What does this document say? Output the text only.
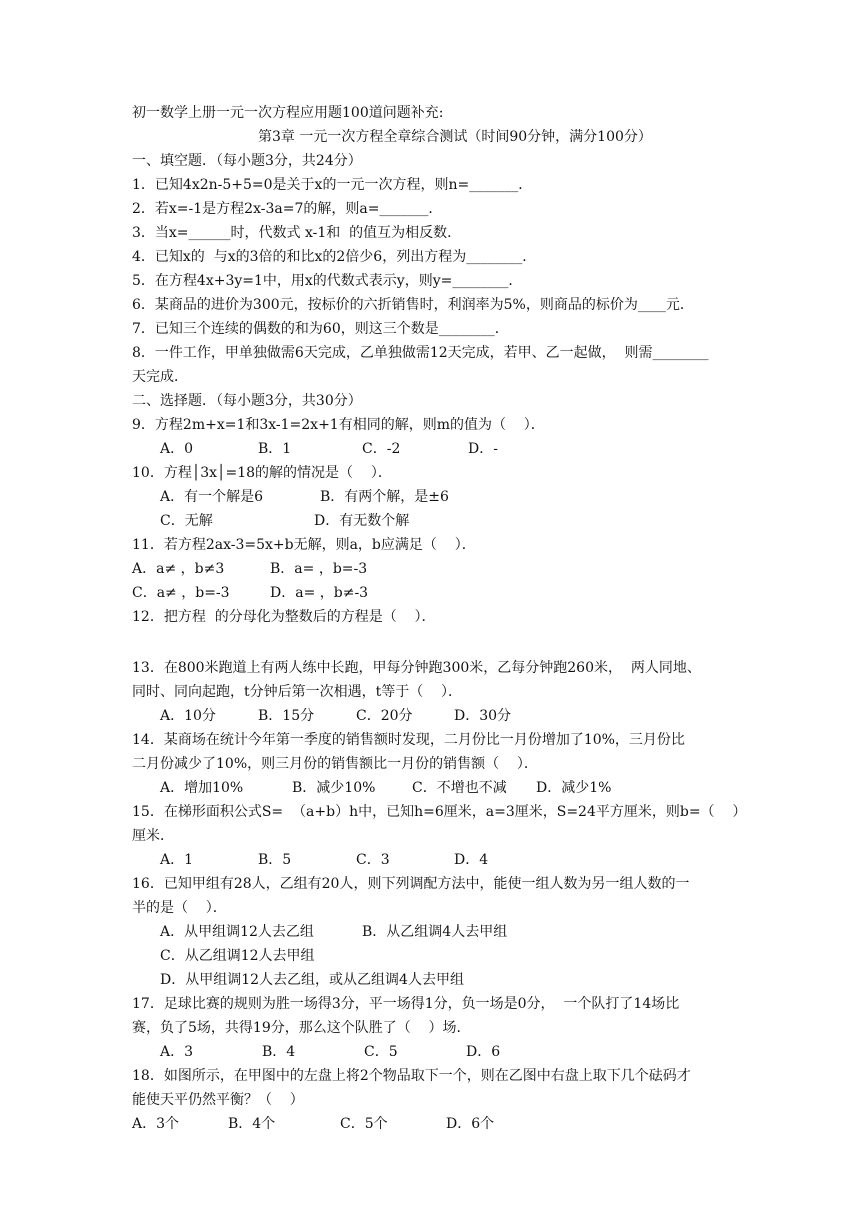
初一数学上册一元一次方程应用题100道问题补充:
第3章 一元一次方程全章综合测试（时间90分钟，满分100分）
一、填空题．（每小题3分，共24分）
1．已知4x2n-5+5=0是关于x的一元一次方程，则n=_______．
2．若x=-1是方程2x-3a=7的解，则a=_______．
3．当x=______时，代数式 x-1和  的值互为相反数．
4．已知x的  与x的3倍的和比x的2倍少6，列出方程为________．
5．在方程4x+3y=1中，用x的代数式表示y，则y=________．
6．某商品的进价为300元，按标价的六折销售时，利润率为5%，则商品的标价为____元．
7．已知三个连续的偶数的和为60，则这三个数是________．
8．一件工作，甲单独做需6天完成，乙单独做需12天完成，若甲、乙一起做，  则需________
天完成．
二、选择题．（每小题3分，共30分）
9．方程2m+x=1和3x-1=2x+1有相同的解，则m的值为（    ）．
A．0	B．1	C．-2	D．-
10．方程│3x│=18的解的情况是（    ）．
A．有一个解是6	B．有两个解，是±6
C．无解	D．有无数个解
11．若方程2ax-3=5x+b无解，则a，b应满足（    ）．
A．a≠ ，b≠3	B．a= ，b=-3
C．a≠ ，b=-3	D．a= ，b≠-3
12．把方程  的分母化为整数后的方程是（    ）．
13．在800米跑道上有两人练中长跑，甲每分钟跑300米，乙每分钟跑260米，  两人同地、
同时、同向起跑，t分钟后第一次相遇，t等于（    ）．
A．10分	B．15分	C．20分	D．30分
14．某商场在统计今年第一季度的销售额时发现，二月份比一月份增加了10%，三月份比
二月份减少了10%，则三月份的销售额比一月份的销售额（    ）．
A．增加10%	B．减少10%	C．不增也不减 D．减少1%
15．在梯形面积公式S=  （a+b）h中，已知h=6厘米，a=3厘米，S=24平方厘米，则b=（    ）
厘米．
A．1	B．5	C．3	D．4
16．已知甲组有28人，乙组有20人，则下列调配方法中，能使一组人数为另一组人数的一
半的是（    ）．
A．从甲组调12人去乙组	B．从乙组调4人去甲组
C．从乙组调12人去甲组
D．从甲组调12人去乙组，或从乙组调4人去甲组
17．足球比赛的规则为胜一场得3分，平一场得1分，负一场是0分，  一个队打了14场比
赛，负了5场，共得19分，那么这个队胜了（    ）场．
A．3	B．4	C．5	D．6
18．如图所示，在甲图中的左盘上将2个物品取下一个，则在乙图中右盘上取下几个砝码才
能使天平仍然平衡？（    ）
A．3个	B．4个	C．5个	D．6个
